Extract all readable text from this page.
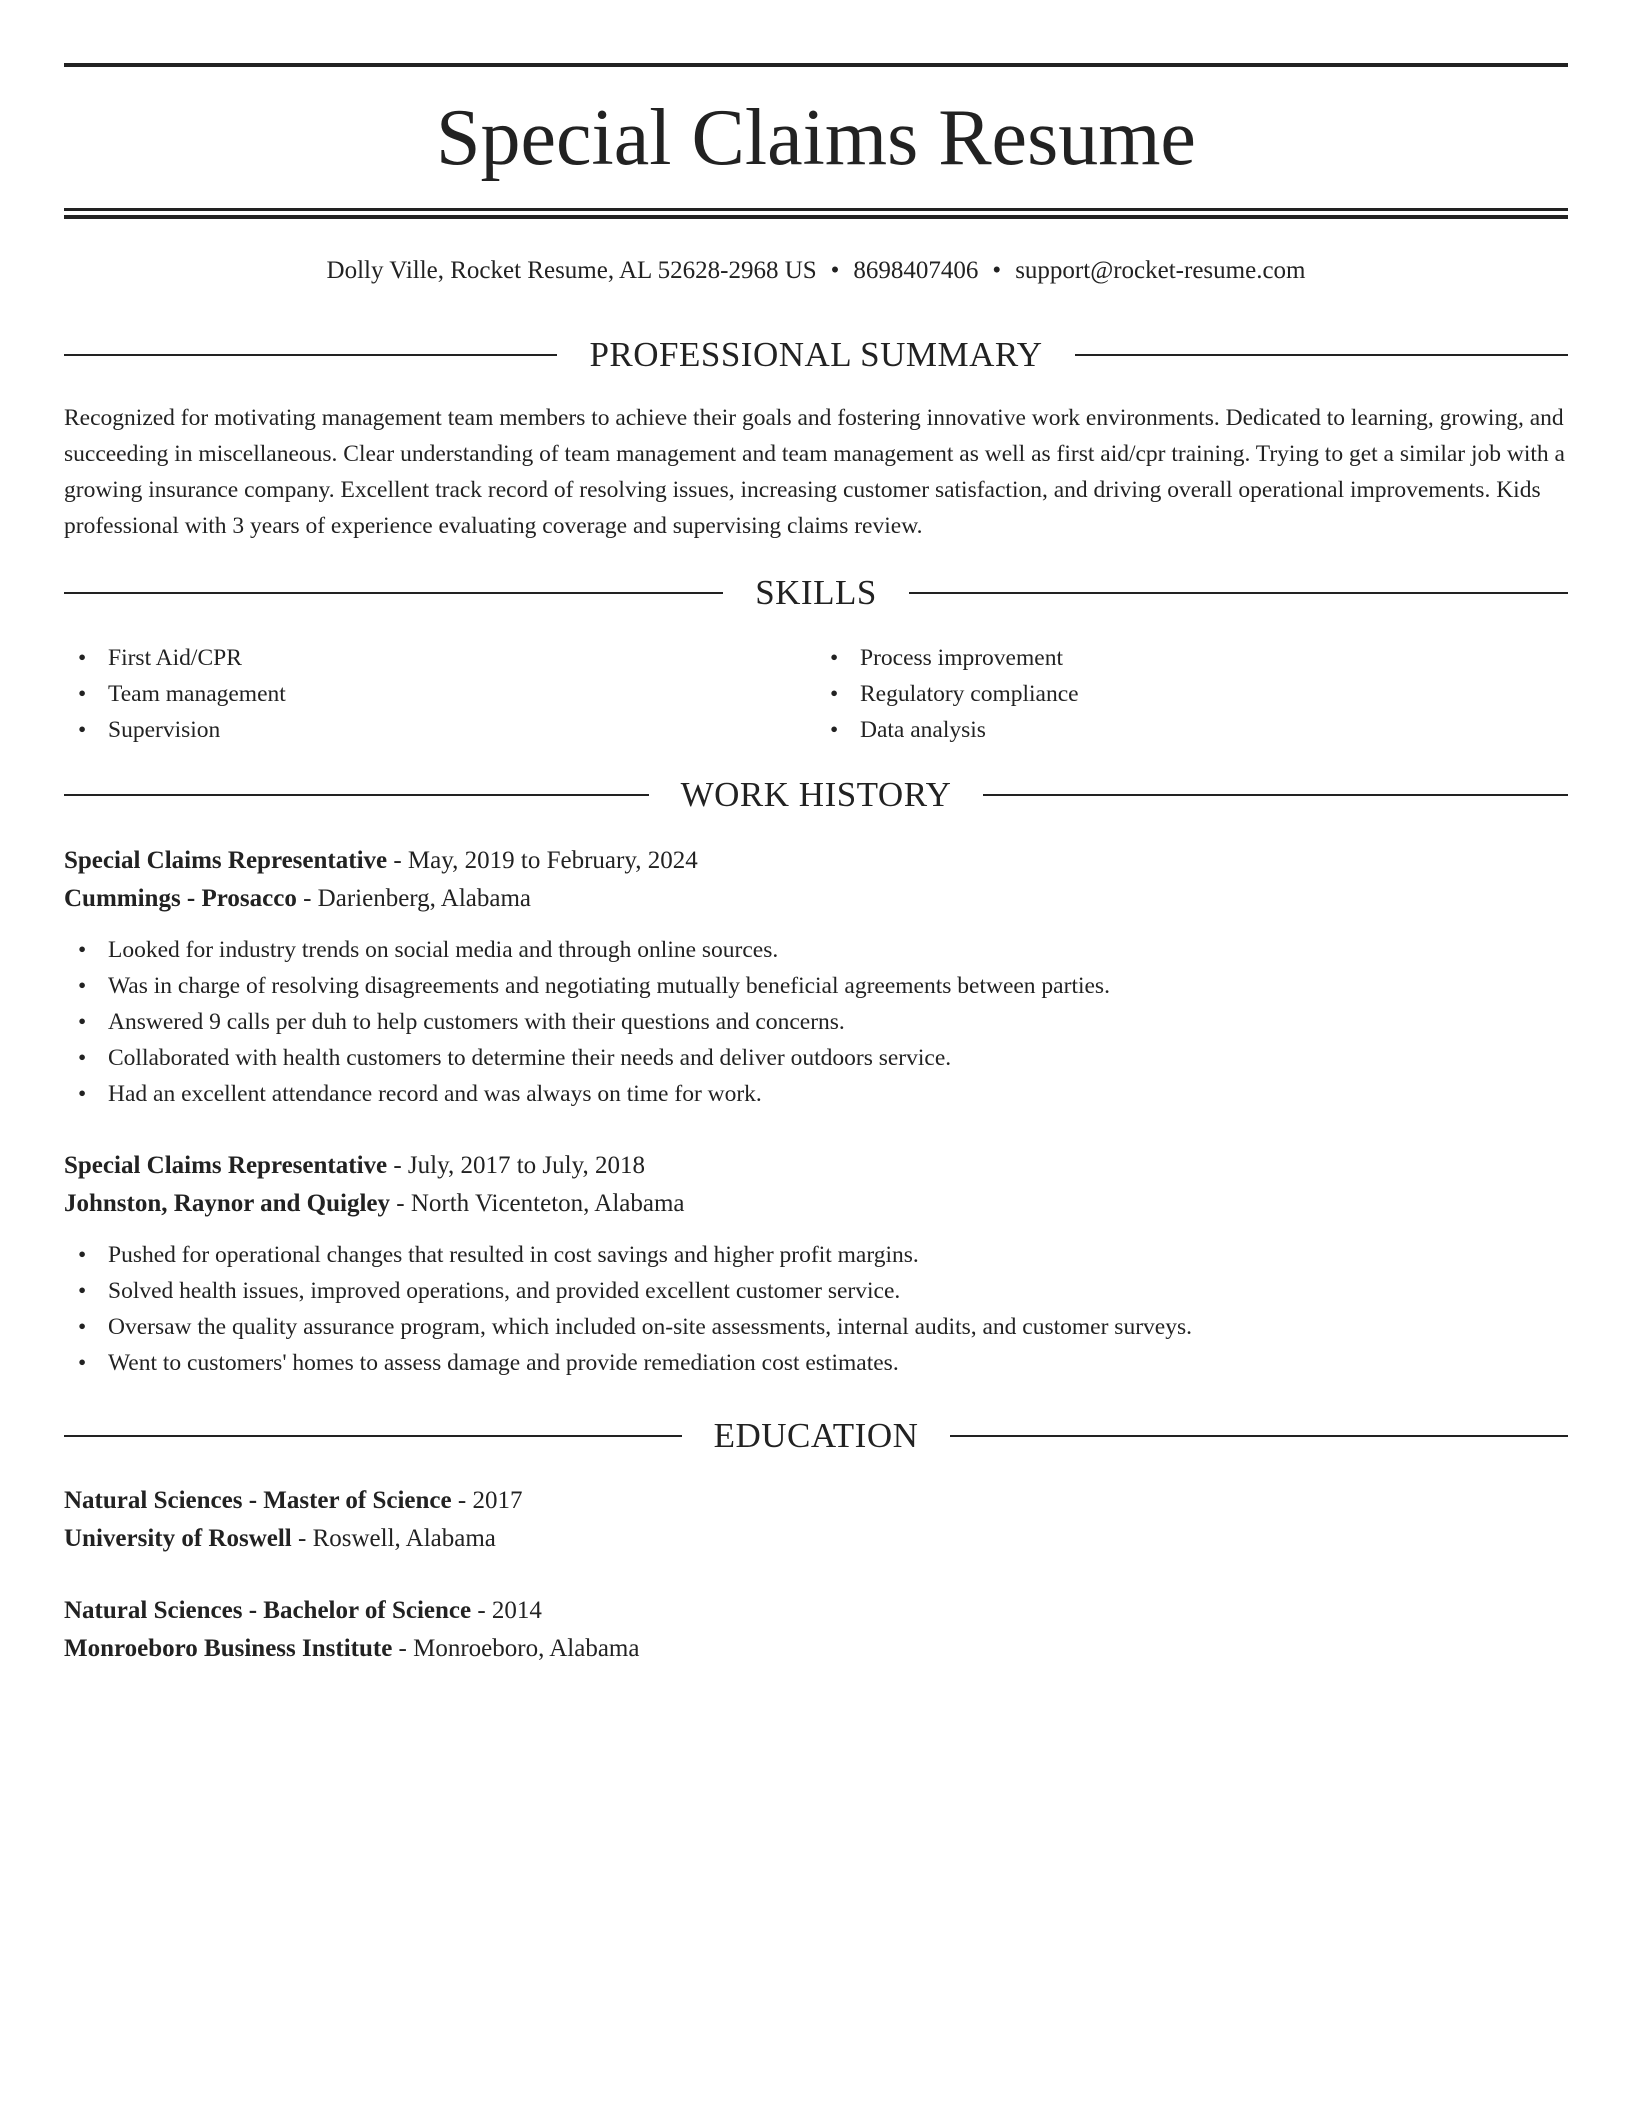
Special Claims Resume
Dolly Ville, Rocket Resume, AL 52628-2968 US • 8698407406 • support@rocket-resume.com
PROFESSIONAL SUMMARY

Recognized for motivating management team members to achieve their goals and fostering innovative work environments. Dedicated to learning, growing, and succeeding in miscellaneous. Clear understanding of team management and team management as well as first aid/cpr training. Trying to get a similar job with a growing insurance company. Excellent track record of resolving issues, increasing customer satisfaction, and driving overall operational improvements. Kids professional with 3 years of experience evaluating coverage and supervising claims review.

SKILLS
• First Aid/CPR
• Team management
• Supervision
• Process improvement
• Regulatory compliance
• Data analysis
WORK HISTORY
Special Claims Representative - May, 2019 to February, 2024
Cummings - Prosacco - Darienberg, Alabama
• Looked for industry trends on social media and through online sources.
• Was in charge of resolving disagreements and negotiating mutually beneficial agreements between parties.
• Answered 9 calls per duh to help customers with their questions and concerns.
• Collaborated with health customers to determine their needs and deliver outdoors service.
• Had an excellent attendance record and was always on time for work.
Special Claims Representative - July, 2017 to July, 2018
Johnston, Raynor and Quigley - North Vicenteton, Alabama
• Pushed for operational changes that resulted in cost savings and higher profit margins.
• Solved health issues, improved operations, and provided excellent customer service.
• Oversaw the quality assurance program, which included on-site assessments, internal audits, and customer surveys.
• Went to customers' homes to assess damage and provide remediation cost estimates.
EDUCATION
Natural Sciences - Master of Science - 2017
University of Roswell - Roswell, Alabama
Natural Sciences - Bachelor of Science - 2014
Monroeboro Business Institute - Monroeboro, Alabama
